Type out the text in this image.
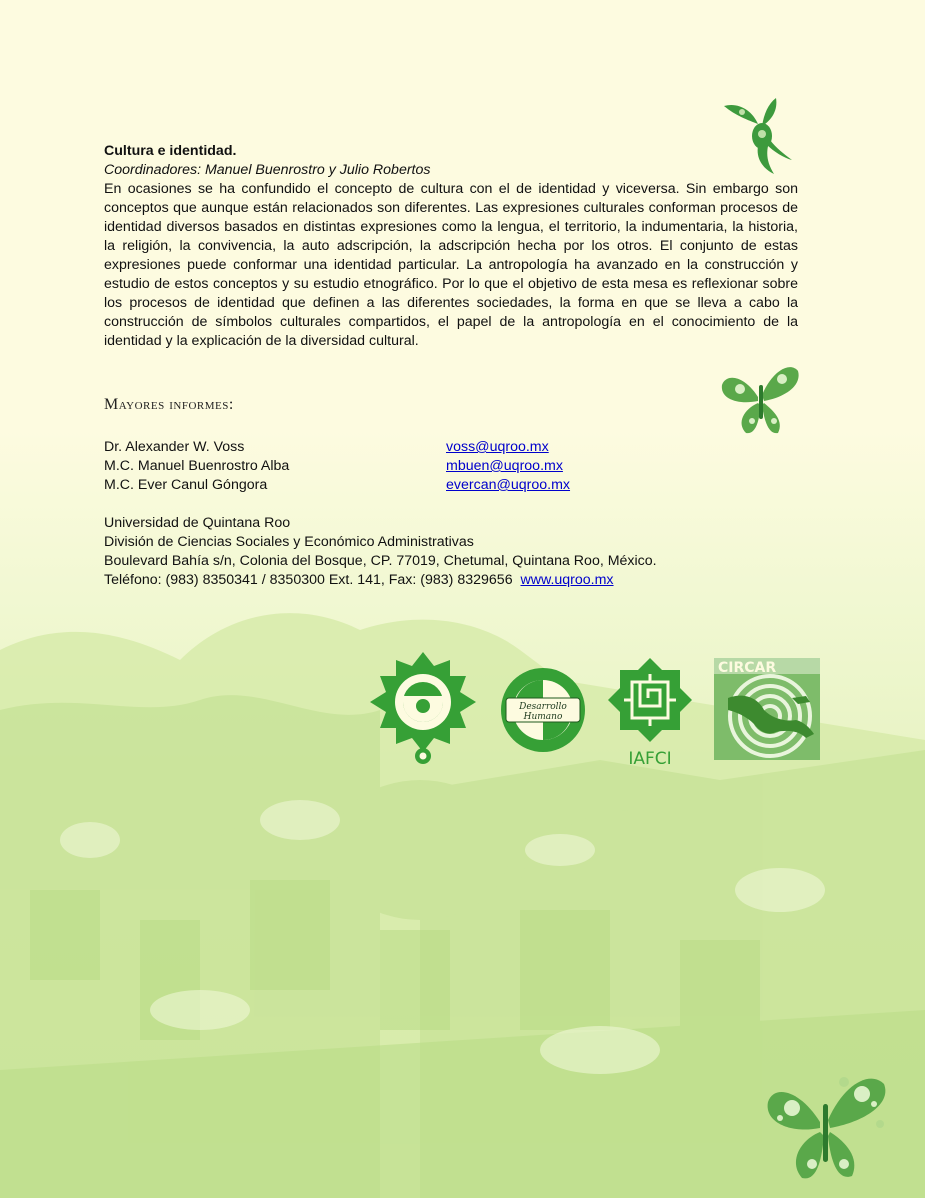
Cultura e identidad.
Coordinadores: Manuel Buenrostro y Julio Robertos
En ocasiones se ha confundido el concepto de cultura con el de identidad y viceversa. Sin embargo son conceptos que aunque están relacionados son diferentes. Las expresiones culturales conforman procesos de identidad diversos basados en distintas expresiones como la lengua, el territorio, la indumentaria, la historia, la religión, la convivencia, la auto adscripción, la adscripción hecha por los otros. El conjunto de estas expresiones puede conformar una identidad particular. La antropología ha avanzado en la construcción y estudio de estos conceptos y su estudio etnográfico. Por lo que el objetivo de esta mesa es reflexionar sobre los procesos de identidad que definen a las diferentes sociedades, la forma en que se lleva a cabo la construcción de símbolos culturales compartidos, el papel de la antropología en el conocimiento de la identidad y la explicación de la diversidad cultural.
Mayores informes:
Dr. Alexander W. Voss	voss@uqroo.mx
M.C. Manuel Buenrostro Alba	mbuen@uqroo.mx
M.C. Ever Canul Góngora	evercan@uqroo.mx
Universidad de Quintana Roo
División de Ciencias Sociales y Económico Administrativas
Boulevard Bahía s/n, Colonia del Bosque, CP. 77019, Chetumal, Quintana Roo, México.
Teléfono: (983) 8350341 / 8350300 Ext. 141, Fax: (983) 8329656 www.uqroo.mx
Desarrollo
Humano
IAFCI
CIRCAR
